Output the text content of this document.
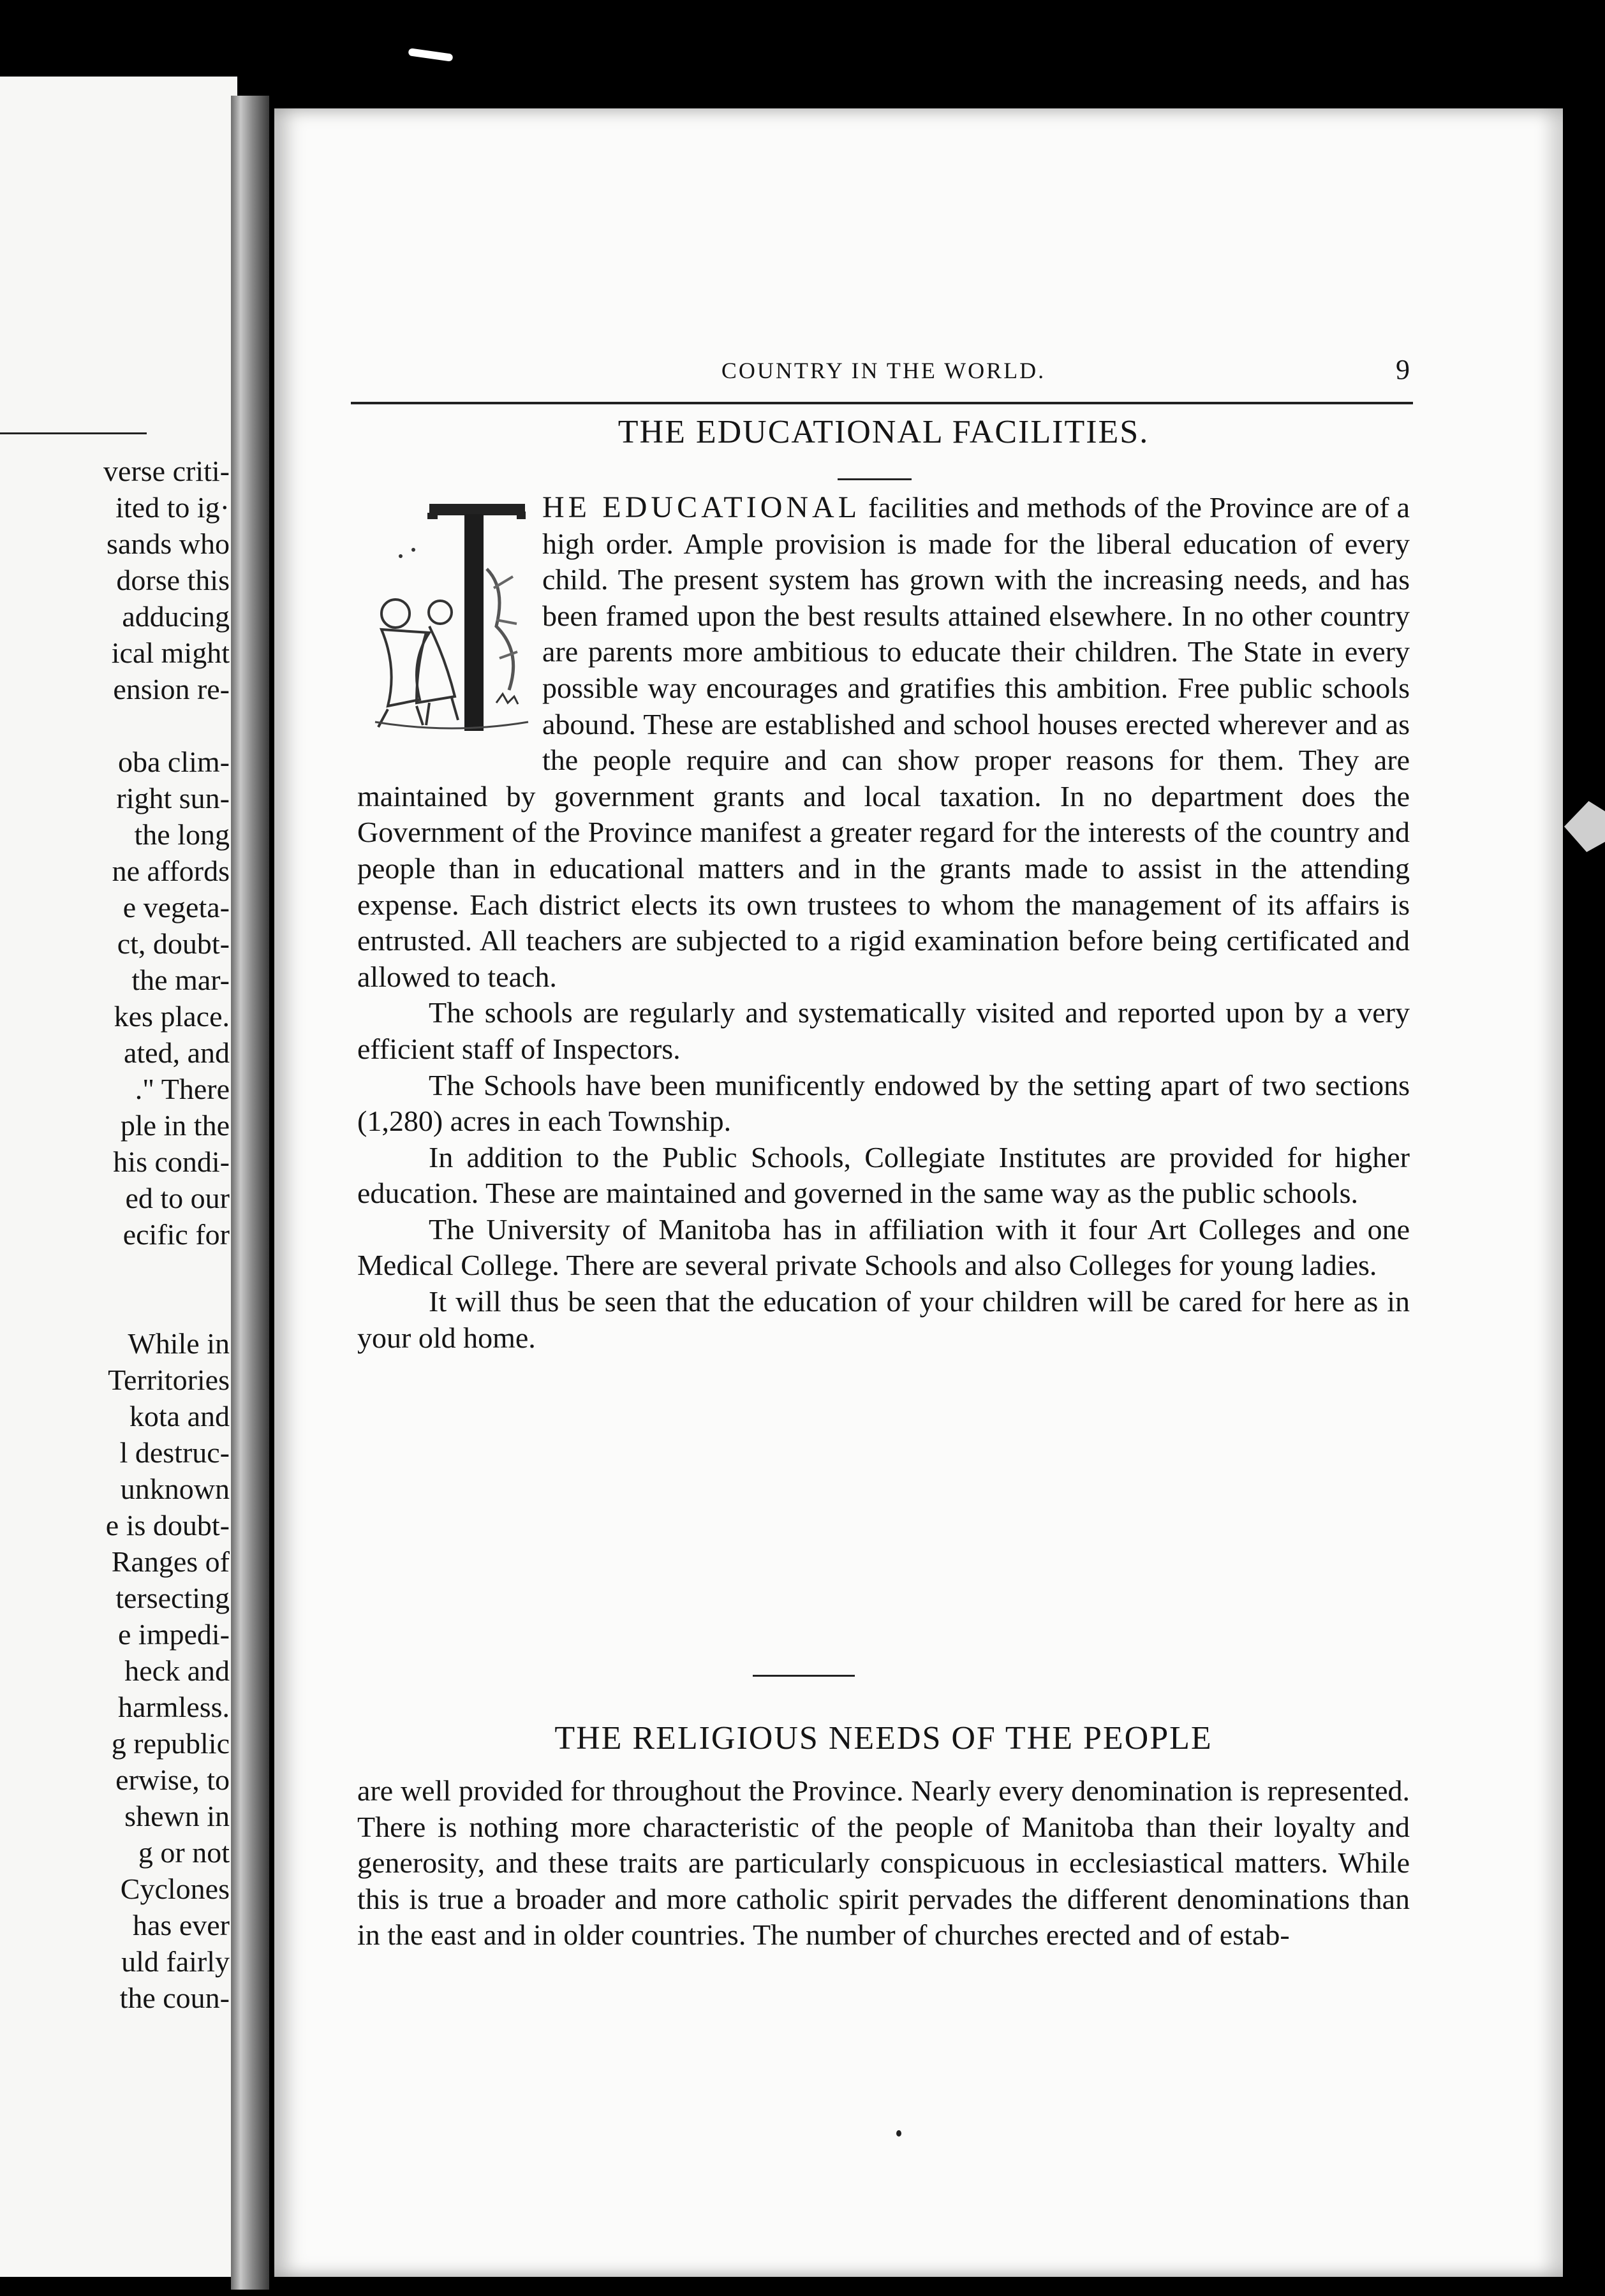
verse criti-
ited to ig·
sands who
dorse this
adducing
ical might
ension re-

oba clim-
right sun-
the long
ne affords
e vegeta-
ct, doubt-
the mar-
kes place.
ated, and
." There
ple in the
his condi-
ed to our
ecific for

While in
Territories
kota and
l destruc-
unknown
e is doubt-
Ranges of
tersecting
e impedi-
heck and
harmless.
g republic
erwise, to
shewn in
g or not
Cyclones
has ever
uld fairly
the coun-
COUNTRY IN THE WORLD.	9
THE EDUCATIONAL FACILITIES.

HE EDUCATIONAL facilities and methods of the Province are of a high order. Ample provision is made for the liberal education of every child. The present system has grown with the increasing needs, and has been framed upon the best results attained elsewhere. In no other country are parents more ambitious to educate their children. The State in every possible way encourages and gratifies this ambition. Free public schools abound. These are established and school houses erected wherever and as the people require and can show proper reasons for them. They are maintained by government grants and local taxation. In no department does the Government of the Province manifest a greater regard for the interests of the country and people than in educational matters and in the grants made to assist in the attending expense. Each district elects its own trustees to whom the management of its affairs is entrusted. All teachers are subjected to a rigid examination before being certificated and allowed to teach.

The schools are regularly and systematically visited and reported upon by a very efficient staff of Inspectors.

The Schools have been munificently endowed by the setting apart of two sections (1,280) acres in each Township.

In addition to the Public Schools, Collegiate Institutes are provided for higher education. These are maintained and governed in the same way as the public schools.

The University of Manitoba has in affiliation with it four Art Colleges and one Medical College. There are several private Schools and also Colleges for young ladies.

It will thus be seen that the education of your children will be cared for here as in your old home.

THE RELIGIOUS NEEDS OF THE PEOPLE

are well provided for throughout the Province. Nearly every denomination is represented. There is nothing more characteristic of the people of Manitoba than their loyalty and generosity, and these traits are particularly conspicuous in ecclesiastical matters. While this is true a broader and more catholic spirit pervades the different denominations than in the east and in older countries. The number of churches erected and of estab-
